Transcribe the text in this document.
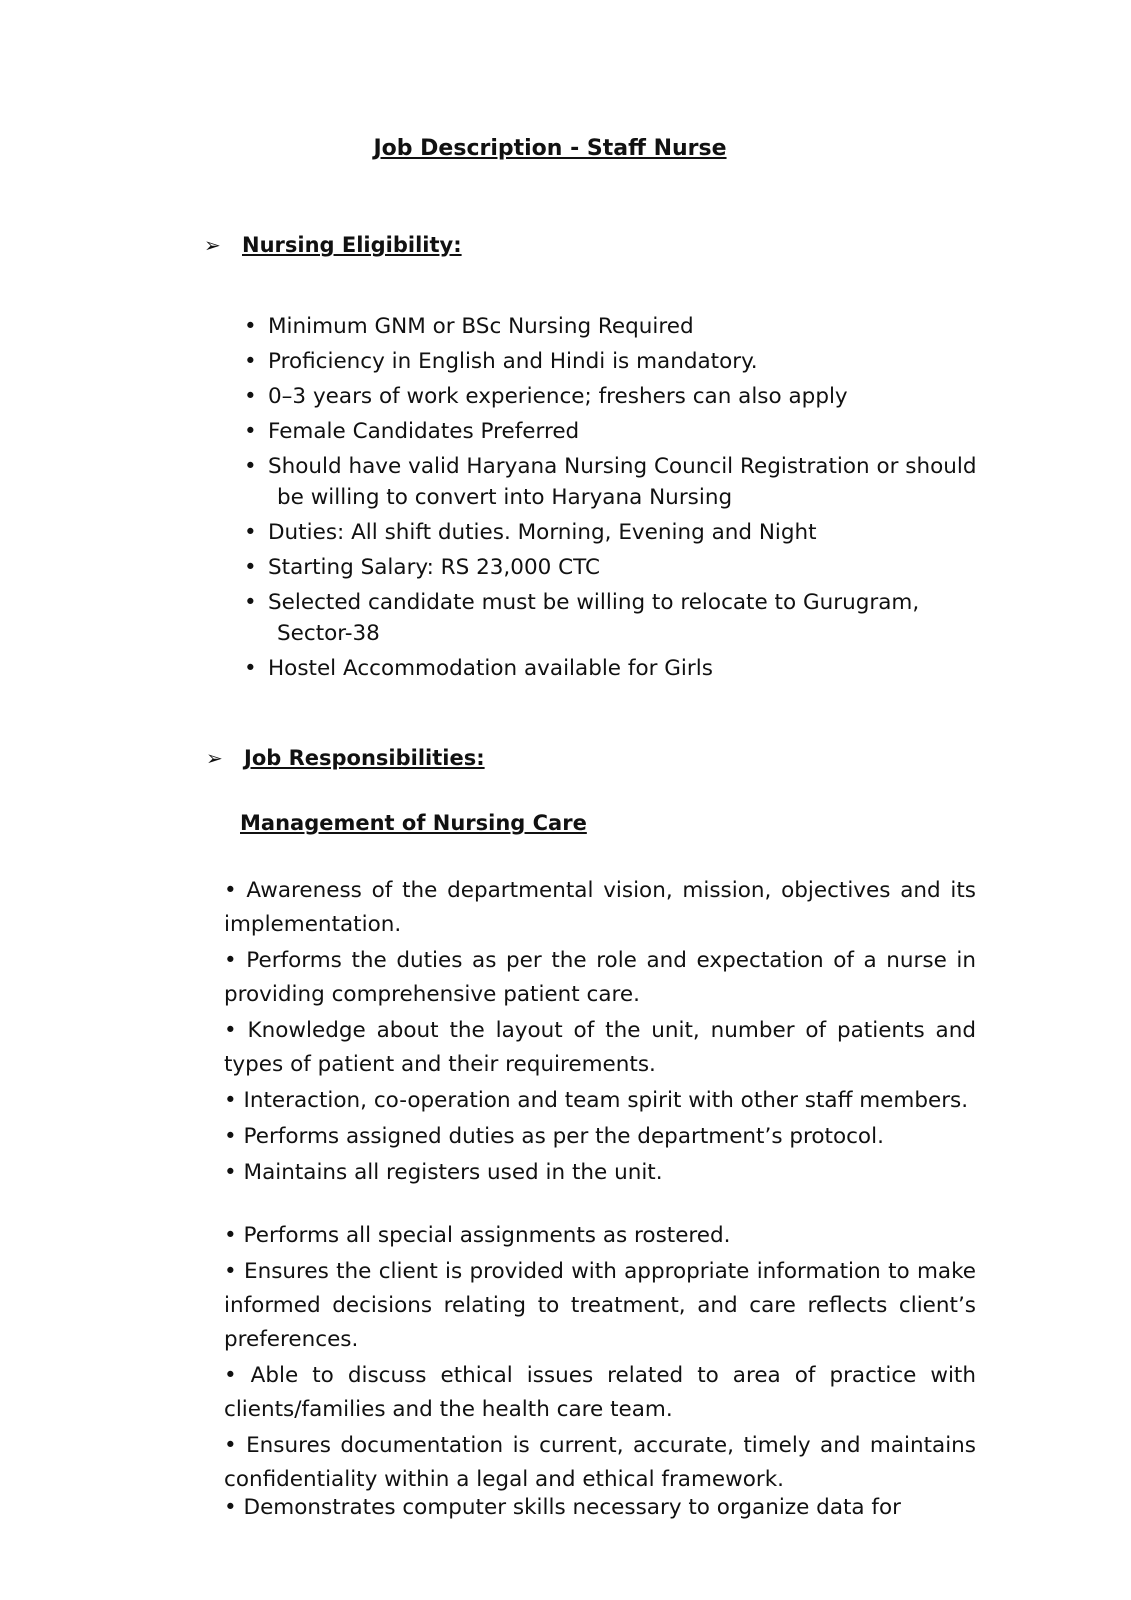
Job Description - Staff Nurse
➢	Nursing Eligibility:
• Minimum GNM or BSc Nursing Required
• Proficiency in English and Hindi is mandatory.
• 0–3 years of work experience; freshers can also apply
• Female Candidates Preferred
• Should have valid Haryana Nursing Council Registration or should
be willing to convert into Haryana Nursing
• Duties: All shift duties. Morning, Evening and Night
• Starting Salary: RS 23,000 CTC
• Selected candidate must be willing to relocate to Gurugram,
Sector-38
• Hostel Accommodation available for Girls
➢	Job Responsibilities:
Management of Nursing Care
• Awareness of the departmental vision, mission, objectives and its implementation.
• Performs the duties as per the role and expectation of a nurse in providing comprehensive patient care.
• Knowledge about the layout of the unit, number of patients and types of patient and their requirements.
• Interaction, co-operation and team spirit with other staff members.
• Performs assigned duties as per the department’s protocol.
• Maintains all registers used in the unit.
• Performs all special assignments as rostered.
• Ensures the client is provided with appropriate information to make informed decisions relating to treatment, and care reflects client’s preferences.
• Able to discuss ethical issues related to area of practice with clients/families and the health care team.
• Ensures documentation is current, accurate, timely and maintains confidentiality within a legal and ethical framework.
• Demonstrates computer skills necessary to organize data for
